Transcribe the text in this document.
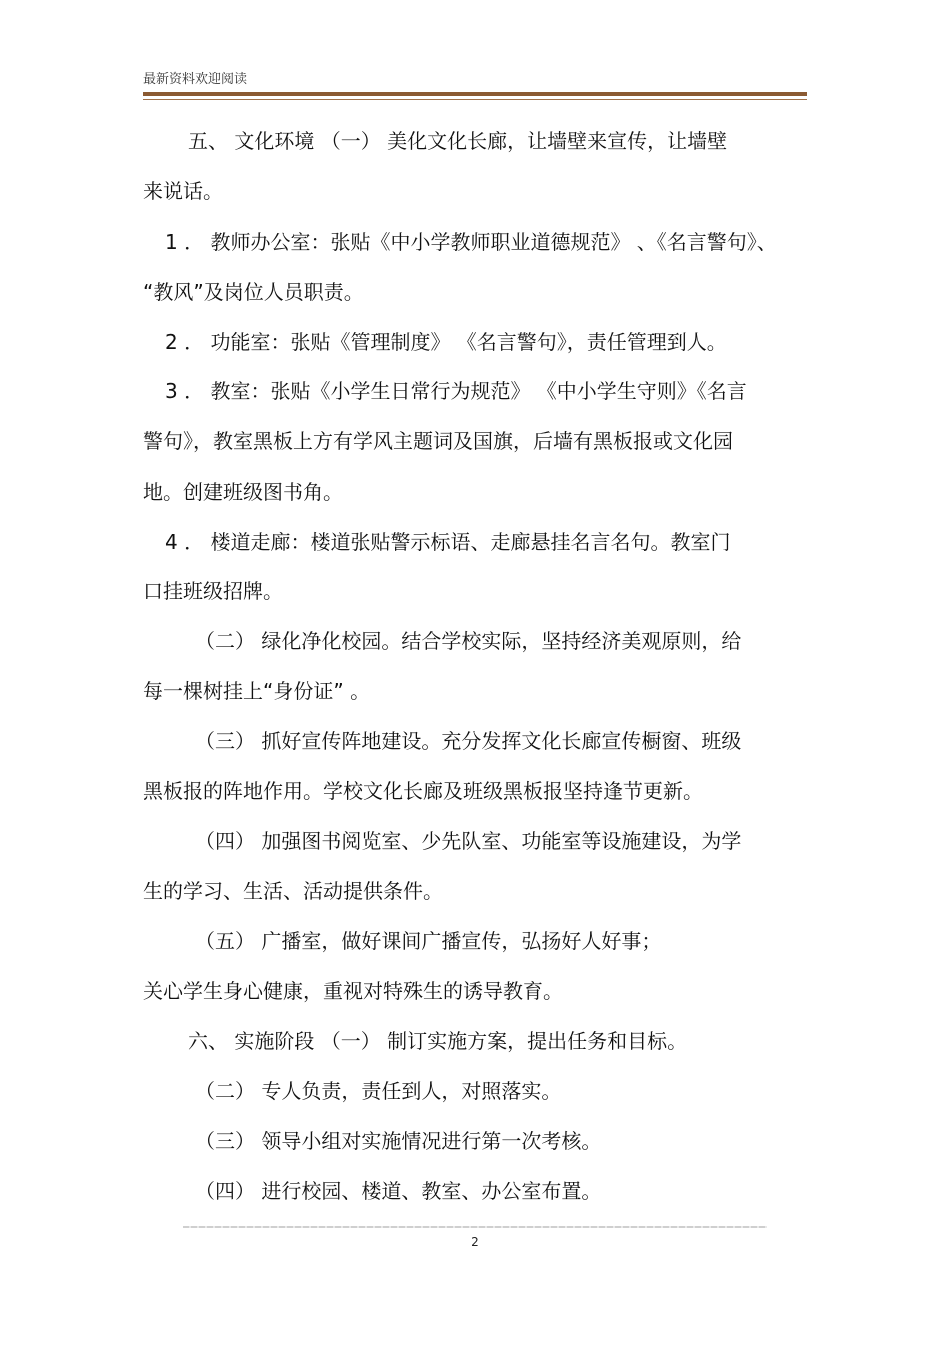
最新资料欢迎阅读
五、 文化环境 （一） 美化文化长廊，让墙壁来宣传，让墙壁
来说话。
1 ． 教师办公室：张贴《中小学教师职业道德规范》 、《名言警句》、
“教风”及岗位人员职责。
2 ． 功能室：张贴《管理制度》 《名言警句》，责任管理到人。
3 ． 教室：张贴《小学生日常行为规范》 《中小学生守则》《名言
警句》，教室黑板上方有学风主题词及国旗，后墙有黑板报或文化园
地。创建班级图书角。
4 ． 楼道走廊：楼道张贴警示标语、走廊悬挂名言名句。教室门
口挂班级招牌。
（二） 绿化净化校园。结合学校实际，坚持经济美观原则，给
每一棵树挂上“身份证” 。
（三） 抓好宣传阵地建设。充分发挥文化长廊宣传橱窗、班级
黑板报的阵地作用。学校文化长廊及班级黑板报坚持逢节更新。
（四） 加强图书阅览室、少先队室、功能室等设施建设，为学
生的学习、生活、活动提供条件。
（五） 广播室，做好课间广播宣传，弘扬好人好事；
关心学生身心健康，重视对特殊生的诱导教育。
六、 实施阶段 （一） 制订实施方案，提出任务和目标。
（二） 专人负责，责任到人，对照落实。
（三） 领导小组对实施情况进行第一次考核。
（四） 进行校园、楼道、教室、办公室布置。
2
